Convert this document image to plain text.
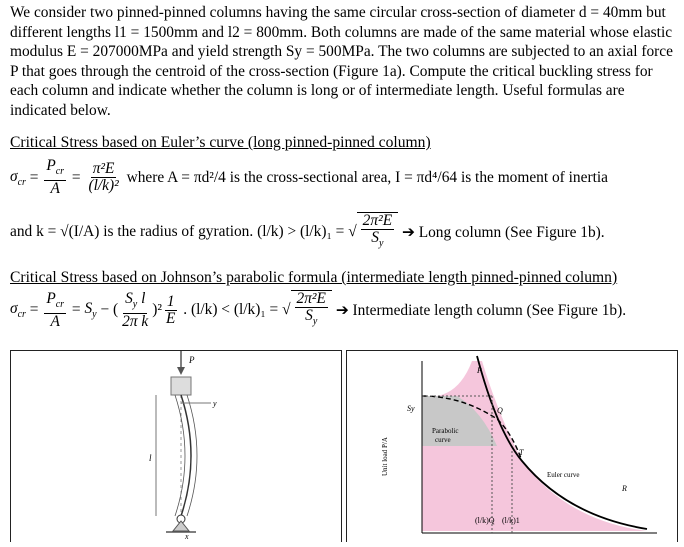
We consider two pinned-pinned columns having the same circular cross-section of diameter d = 40mm but different lengths l1 = 1500mm and l2 = 800mm. Both columns are made of the same material whose elastic modulus E = 207000MPa and yield strength Sy = 500MPa. The two columns are subjected to an axial force P that goes through the centroid of the cross-section (Figure 1a). Compute the critical buckling stress for each column and indicate whether the column is long or of intermediate length. Useful formulas are indicated below.
Critical Stress based on Euler’s curve (long pinned-pinned column)
$\sigma_{cr} = \frac{P_{cr}}{A} = \frac{\text{π²E}}{\text{(l/k)²}}$
where A = πd²/4 is the cross-sectional area, I = πd⁴/64 is the moment of inertia
and k = √(I/A) is the radius of gyration.
(l/k) > (l/k)₁ =
√ $\frac{\text{2π²E}}{S_y}$
➔ Long column (See Figure 1b).
Critical Stress based on Johnson’s parabolic formula (intermediate length pinned-pinned column)
$\sigma_{cr} = \frac{P_{cr}}{A} = S_y$ − ( $\frac{S_y l}{\text{2π k}} )^2 \frac{1}{E}$ . (l/k) < (l/k)₁ =
√ $\frac{\text{2π²E}}{S_y}$
➔ Intermediate length column (See Figure 1b).
P
y
l
x
P
Q
T
R
Sy
Parabolic
curve
Euler curve
(l/k)Q (l/k)1
Unit load P/A
